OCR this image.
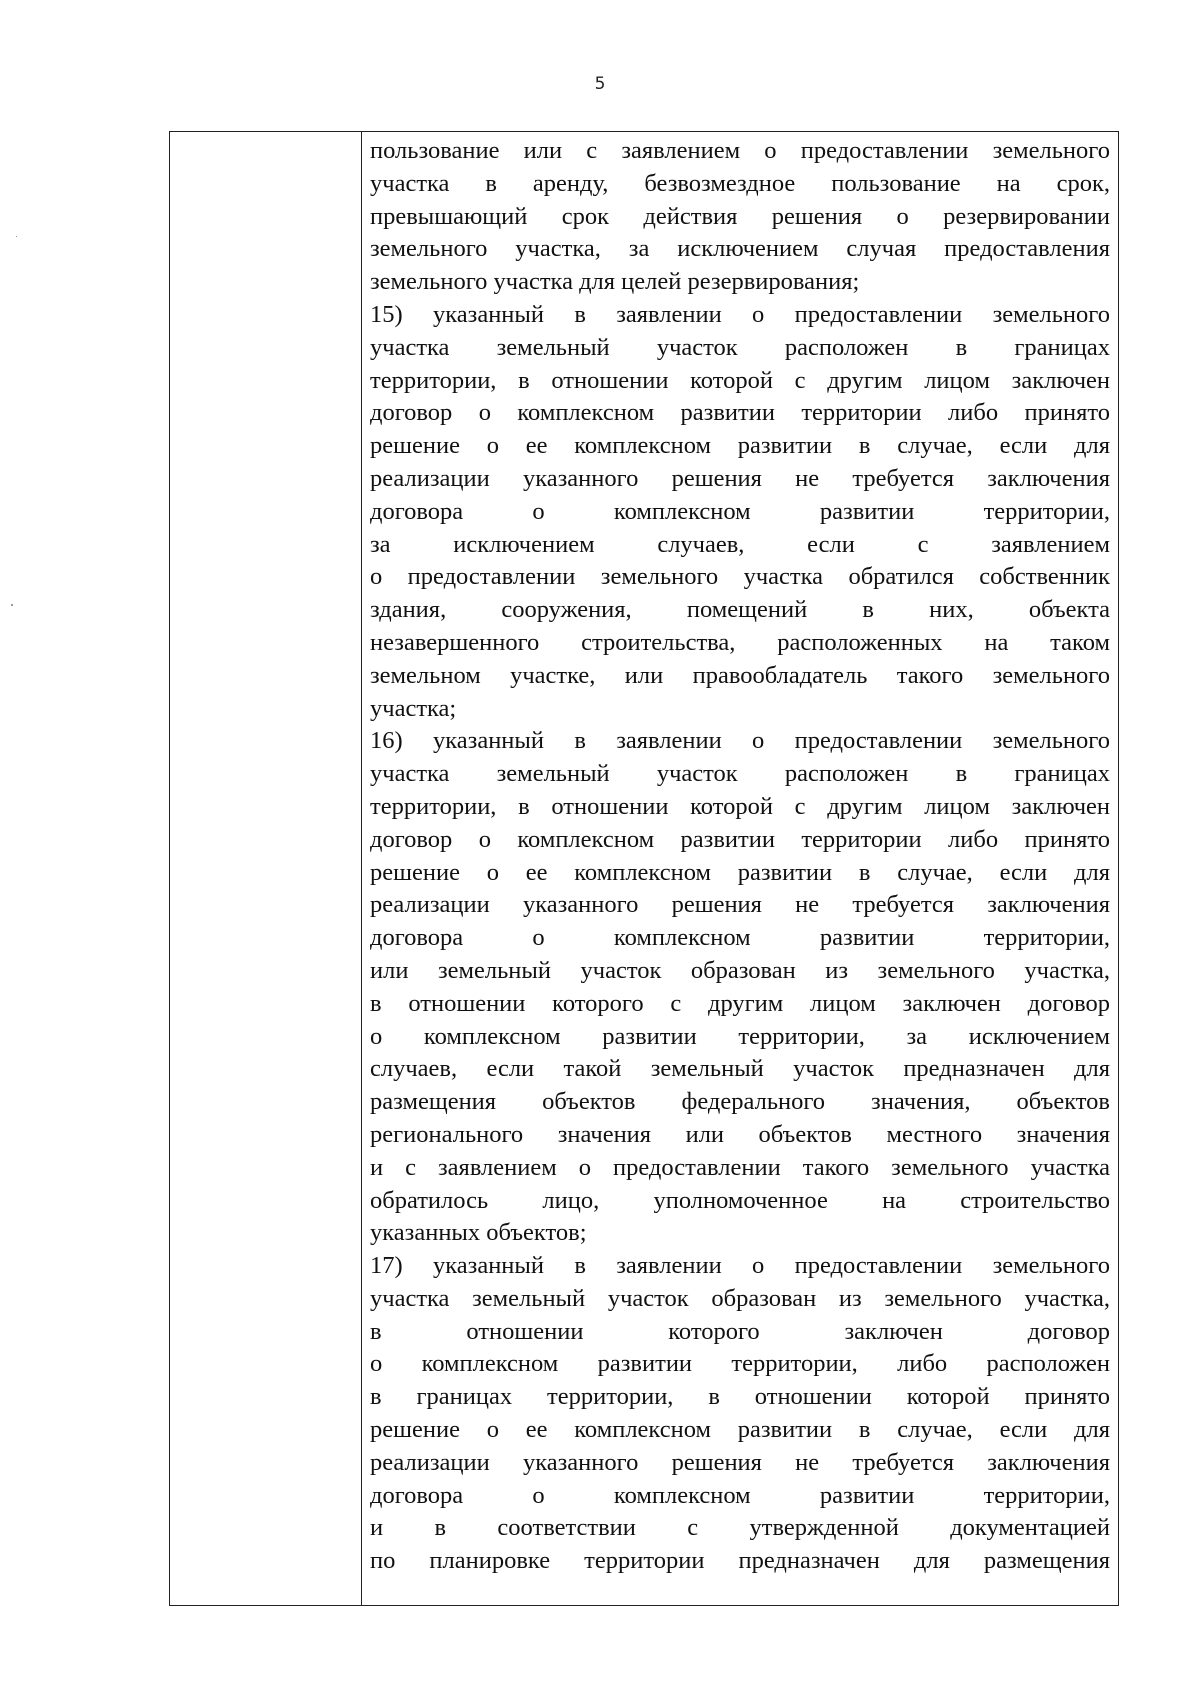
5
пользование или с заявлением о предоставлении земельного
участка в аренду, безвозмездное пользование на срок,
превышающий срок действия решения о резервировании
земельного участка, за исключением случая предоставления
земельного участка для целей резервирования;
15) указанный в заявлении о предоставлении земельного
участка земельный участок расположен в границах
территории, в отношении которой с другим лицом заключен
договор о комплексном развитии территории либо принято
решение о ее комплексном развитии в случае, если для
реализации указанного решения не требуется заключения
договора о комплексном развитии территории,
за исключением случаев, если с заявлением
о предоставлении земельного участка обратился собственник
здания, сооружения, помещений в них, объекта
незавершенного строительства, расположенных на таком
земельном участке, или правообладатель такого земельного
участка;
16) указанный в заявлении о предоставлении земельного
участка земельный участок расположен в границах
территории, в отношении которой с другим лицом заключен
договор о комплексном развитии территории либо принято
решение о ее комплексном развитии в случае, если для
реализации указанного решения не требуется заключения
договора о комплексном развитии территории,
или земельный участок образован из земельного участка,
в отношении которого с другим лицом заключен договор
о комплексном развитии территории, за исключением
случаев, если такой земельный участок предназначен для
размещения объектов федерального значения, объектов
регионального значения или объектов местного значения
и с заявлением о предоставлении такого земельного участка
обратилось лицо, уполномоченное на строительство
указанных объектов;
17) указанный в заявлении о предоставлении земельного
участка земельный участок образован из земельного участка,
в отношении которого заключен договор
о комплексном развитии территории, либо расположен
в границах территории, в отношении которой принято
решение о ее комплексном развитии в случае, если для
реализации указанного решения не требуется заключения
договора о комплексном развитии территории,
и в соответствии с утвержденной документацией
по планировке территории предназначен для размещения
